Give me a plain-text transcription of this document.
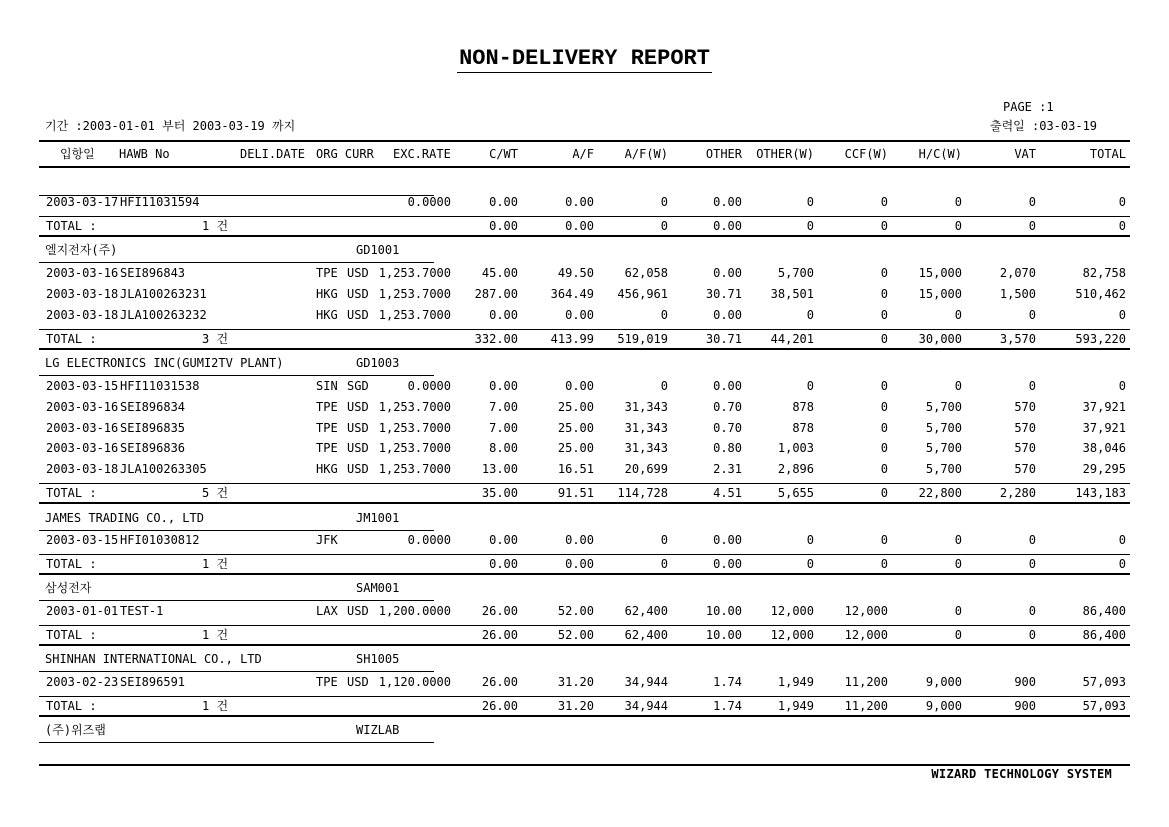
NON-DELIVERY REPORT
PAGE :1
기간 :2003-01-01 부터 2003-03-19 까지	출력일 :03-03-19
입항일 HAWB No	DELI.DATE ORG CURR EXC.RATE	C/WT	A/F	A/F(W)	OTHER	OTHER(W)	CCF(W)	H/C(W)	VAT	TOTAL
2003-03-17 HFI11031594	0.0000	0.00	0.00	0	0.00	0	0	0	0	0
TOTAL :	1 건	0.00	0.00	0	0.00	0	0	0	0	0
엘지전자(주)	GD1001
2003-03-16 SEI896843	TPE USD 1,253.7000	45.00	49.50	62,058	0.00	5,700	0	15,000	2,070	82,758
2003-03-18 JLA100263231	HKG USD 1,253.7000	287.00	364.49	456,961	30.71	38,501	0	15,000	1,500	510,462
2003-03-18 JLA100263232	HKG USD 1,253.7000	0.00	0.00	0	0.00	0	0	0	0	0
TOTAL :	3 건	332.00	413.99	519,019	30.71	44,201	0	30,000	3,570	593,220
LG ELECTRONICS INC(GUMI2TV PLANT)	GD1003
2003-03-15 HFI11031538	SIN SGD	0.0000	0.00	0.00	0	0.00	0	0	0	0	0
2003-03-16 SEI896834	TPE USD 1,253.7000	7.00	25.00	31,343	0.70	878	0	5,700	570	37,921
2003-03-16 SEI896835	TPE USD 1,253.7000	7.00	25.00	31,343	0.70	878	0	5,700	570	37,921
2003-03-16 SEI896836	TPE USD 1,253.7000	8.00	25.00	31,343	0.80	1,003	0	5,700	570	38,046
2003-03-18 JLA100263305	HKG USD 1,253.7000	13.00	16.51	20,699	2.31	2,896	0	5,700	570	29,295
TOTAL :	5 건	35.00	91.51	114,728	4.51	5,655	0	22,800	2,280	143,183
JAMES TRADING CO., LTD	JM1001
2003-03-15 HFI01030812	JFK	0.0000	0.00	0.00	0	0.00	0	0	0	0	0
TOTAL :	1 건	0.00	0.00	0	0.00	0	0	0	0	0
삼성전자	SAM001
2003-01-01 TEST-1	LAX USD 1,200.0000	26.00	52.00	62,400	10.00	12,000	12,000	0	0	86,400
TOTAL :	1 건	26.00	52.00	62,400	10.00	12,000	12,000	0	0	86,400
SHINHAN INTERNATIONAL CO., LTD	SH1005
2003-02-23 SEI896591	TPE USD 1,120.0000	26.00	31.20	34,944	1.74	1,949	11,200	9,000	900	57,093
TOTAL :	1 건	26.00	31.20	34,944	1.74	1,949	11,200	9,000	900	57,093
(주)위즈랩	WIZLAB
WIZARD TECHNOLOGY SYSTEM
